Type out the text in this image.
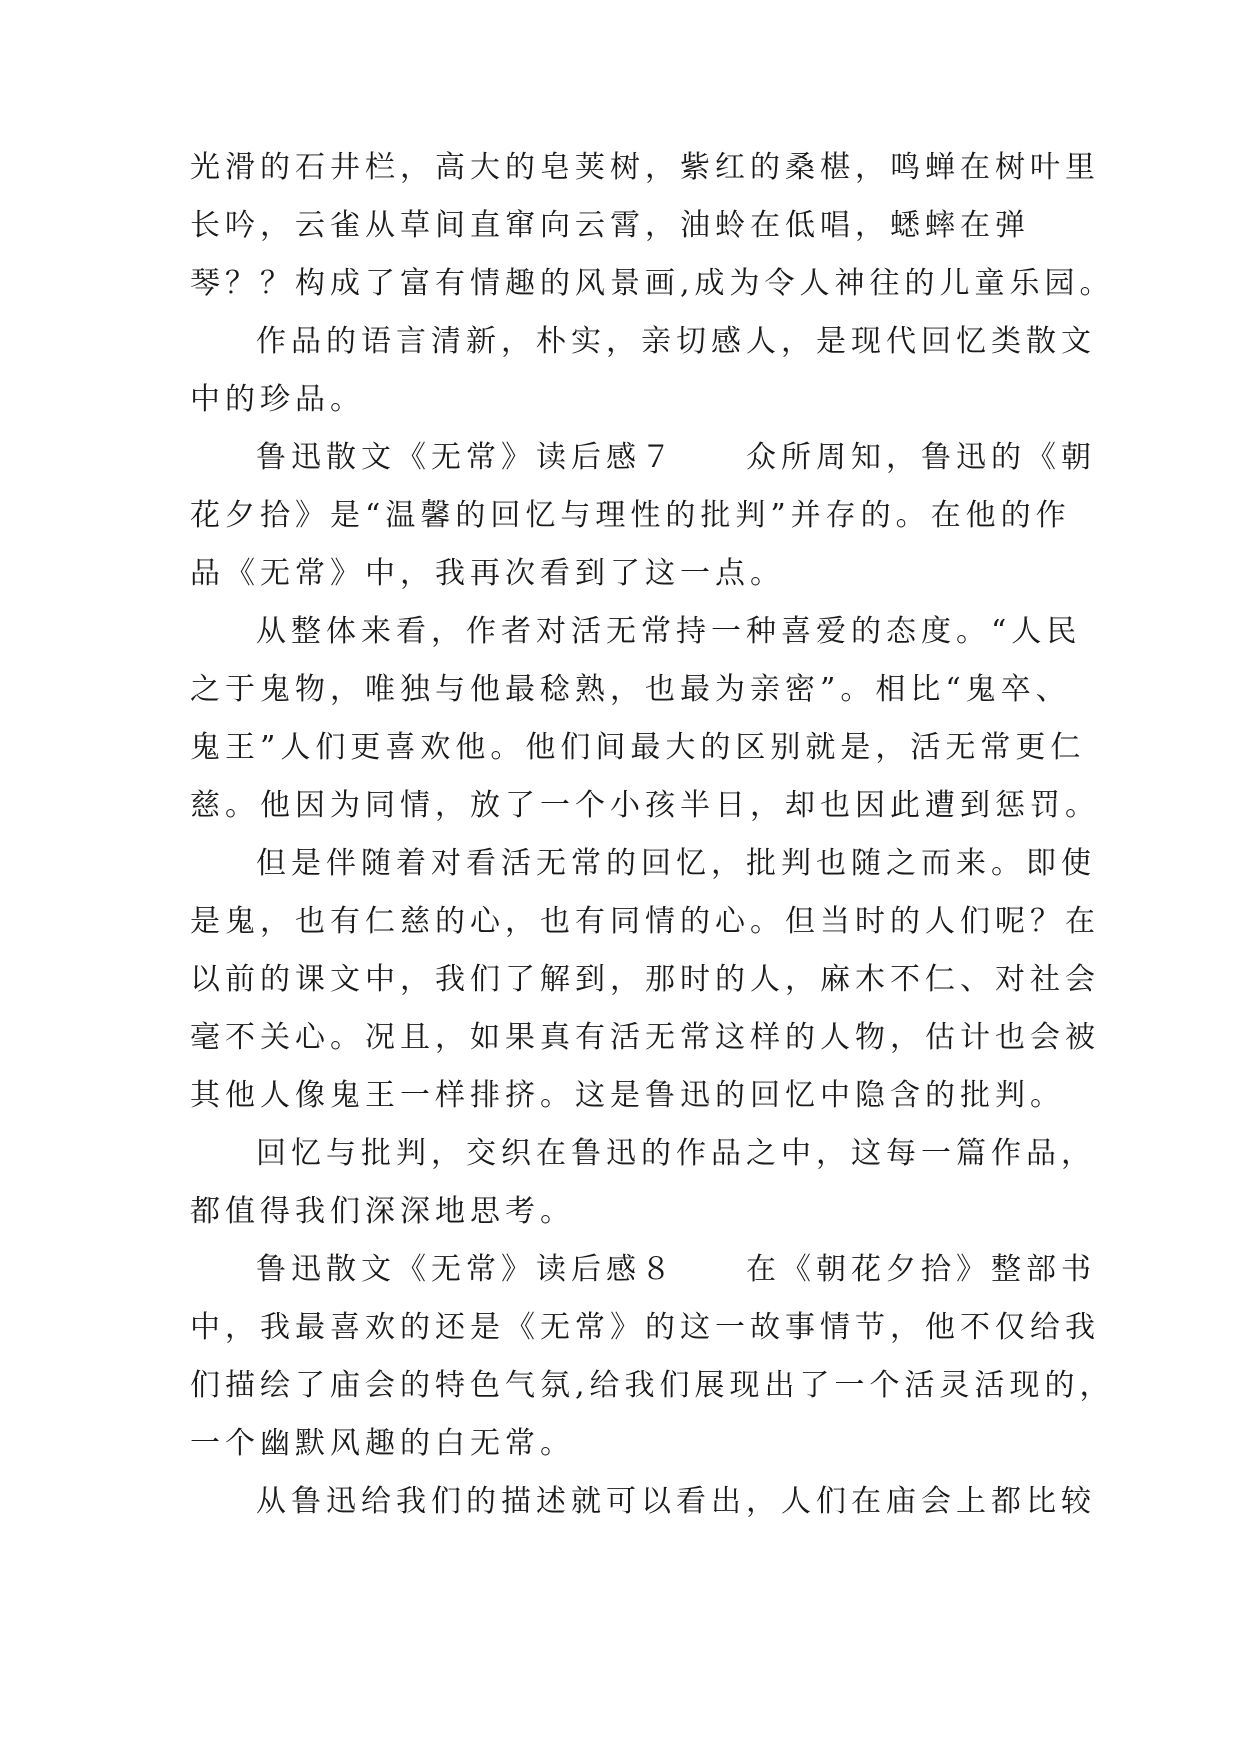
光滑的石井栏，高大的皂荚树，紫红的桑椹，鸣蝉在树叶里
长吟，云雀从草间直窜向云霄，油蛉在低唱，蟋蟀在弹
琴？？构成了富有情趣的风景画,成为令人神往的儿童乐园。
作品的语言清新，朴实，亲切感人，是现代回忆类散文
中的珍品。
鲁迅散文《无常》读后感７　　众所周知，鲁迅的《朝
花夕拾》是“温馨的回忆与理性的批判”并存的。在他的作
品《无常》中，我再次看到了这一点。
从整体来看，作者对活无常持一种喜爱的态度。“人民
之于鬼物，唯独与他最稔熟，也最为亲密”。相比“鬼卒、
鬼王”人们更喜欢他。他们间最大的区别就是，活无常更仁
慈。他因为同情，放了一个小孩半日，却也因此遭到惩罚。
但是伴随着对看活无常的回忆，批判也随之而来。即使
是鬼，也有仁慈的心，也有同情的心。但当时的人们呢？在
以前的课文中，我们了解到，那时的人，麻木不仁、对社会
毫不关心。况且，如果真有活无常这样的人物，估计也会被
其他人像鬼王一样排挤。这是鲁迅的回忆中隐含的批判。
回忆与批判，交织在鲁迅的作品之中，这每一篇作品，
都值得我们深深地思考。
鲁迅散文《无常》读后感８　　在《朝花夕拾》整部书
中，我最喜欢的还是《无常》的这一故事情节，他不仅给我
们描绘了庙会的特色气氛,给我们展现出了一个活灵活现的，
一个幽默风趣的白无常。
从鲁迅给我们的描述就可以看出，人们在庙会上都比较
